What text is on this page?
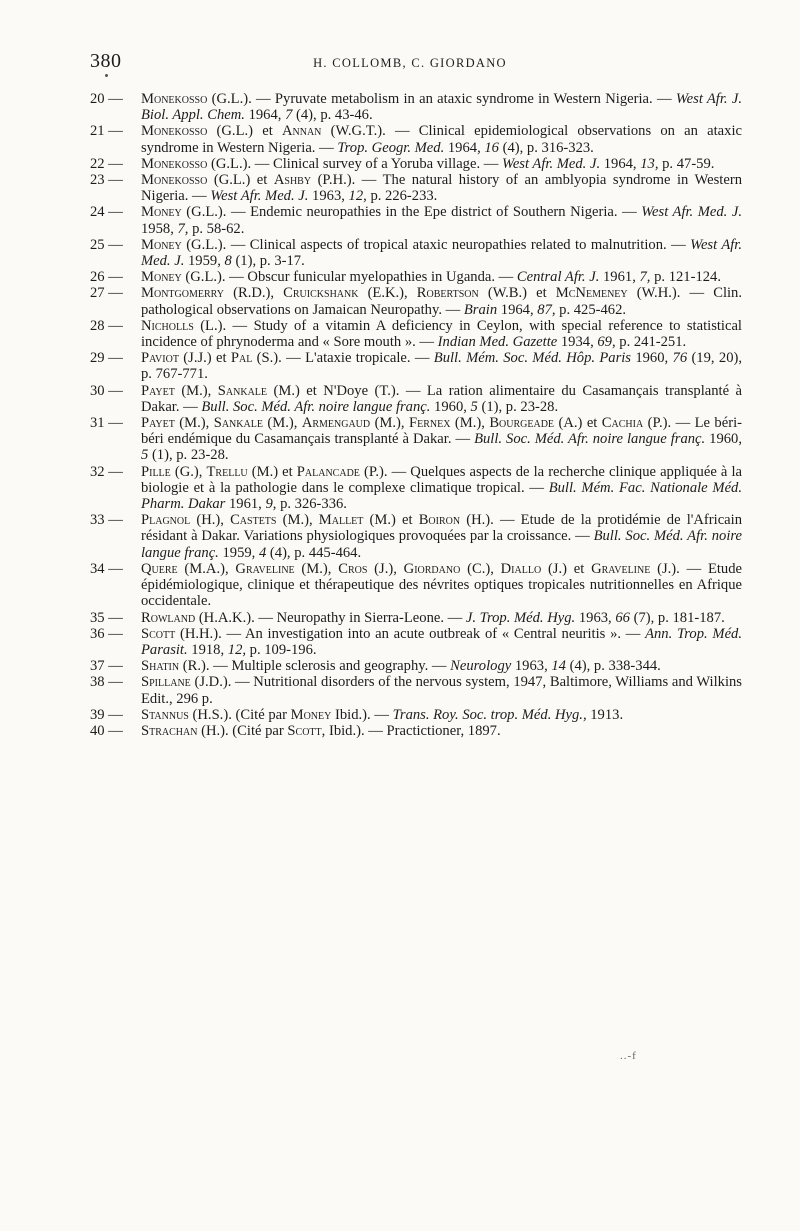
380	H. COLLOMB, C. GIORDANO
20 — Monekosso (G.L.). — Pyruvate metabolism in an ataxic syndrome in Western Nigeria. — West Afr. J. Biol. Appl. Chem. 1964, 7 (4), p. 43-46.
21 — Monekosso (G.L.) et Annan (W.G.T.). — Clinical epidemiological observations on an ataxic syndrome in Western Nigeria. — Trop. Geogr. Med. 1964, 16 (4), p. 316-323.
22 — Monekosso (G.L.). — Clinical survey of a Yoruba village. — West Afr. Med. J. 1964, 13, p. 47-59.
23 — Monekosso (G.L.) et Ashby (P.H.). — The natural history of an amblyopia syndrome in Western Nigeria. — West Afr. Med. J. 1963, 12, p. 226-233.
24 — Money (G.L.). — Endemic neuropathies in the Epe district of Southern Nigeria. — West Afr. Med. J. 1958, 7, p. 58-62.
25 — Money (G.L.). — Clinical aspects of tropical ataxic neuropathies related to malnutrition. — West Afr. Med. J. 1959, 8 (1), p. 3-17.
26 — Money (G.L.). — Obscur funicular myelopathies in Uganda. — Central Afr. J. 1961, 7, p. 121-124.
27 — Montgomerry (R.D.), Cruickshank (E.K.), Robertson (W.B.) et McNemeney (W.H.). — Clin. pathological observations on Jamaican Neuropathy. — Brain 1964, 87, p. 425-462.
28 — Nicholls (L.). — Study of a vitamin A deficiency in Ceylon, with special reference to statistical incidence of phrynoderma and « Sore mouth ». — Indian Med. Gazette 1934, 69, p. 241-251.
29 — Paviot (J.J.) et Pal (S.). — L'ataxie tropicale. — Bull. Mém. Soc. Méd. Hôp. Paris 1960, 76 (19, 20), p. 767-771.
30 — Payet (M.), Sankale (M.) et N'Doye (T.). — La ration alimentaire du Casamançais transplanté à Dakar. — Bull. Soc. Méd. Afr. noire langue franç. 1960, 5 (1), p. 23-28.
31 — Payet (M.), Sankale (M.), Armengaud (M.), Fernex (M.), Bourgeade (A.) et Cachia (P.). — Le béri-béri endémique du Casamançais transplanté à Dakar. — Bull. Soc. Méd. Afr. noire langue franç. 1960, 5 (1), p. 23-28.
32 — Pille (G.), Trellu (M.) et Palancade (P.). — Quelques aspects de la recherche clinique appliquée à la biologie et à la pathologie dans le complexe climatique tropical. — Bull. Mém. Fac. Nationale Méd. Pharm. Dakar 1961, 9, p. 326-336.
33 — Plagnol (H.), Castets (M.), Mallet (M.) et Boiron (H.). — Etude de la protidémie de l'Africain résidant à Dakar. Variations physiologiques provoquées par la croissance. — Bull. Soc. Méd. Afr. noire langue franç. 1959, 4 (4), p. 445-464.
34 — Quere (M.A.), Graveline (M.), Cros (J.), Giordano (C.), Diallo (J.) et Graveline (J.). — Etude épidémiologique, clinique et thérapeutique des névrites optiques tropicales nutritionnelles en Afrique occidentale.
35 — Rowland (H.A.K.). — Neuropathy in Sierra-Leone. — J. Trop. Méd. Hyg. 1963, 66 (7), p. 181-187.
36 — Scott (H.H.). — An investigation into an acute outbreak of « Central neuritis ». — Ann. Trop. Méd. Parasit. 1918, 12, p. 109-196.
37 — Shatin (R.). — Multiple sclerosis and geography. — Neurology 1963, 14 (4), p. 338-344.
38 — Spillane (J.D.). — Nutritional disorders of the nervous system, 1947, Baltimore, Williams and Wilkins Edit., 296 p.
39 — Stannus (H.S.). (Cité par Money Ibid.). — Trans. Roy. Soc. trop. Méd. Hyg., 1913.
40 — Strachan (H.). (Cité par Scott, Ibid.). — Practictioner, 1897.
..-f
